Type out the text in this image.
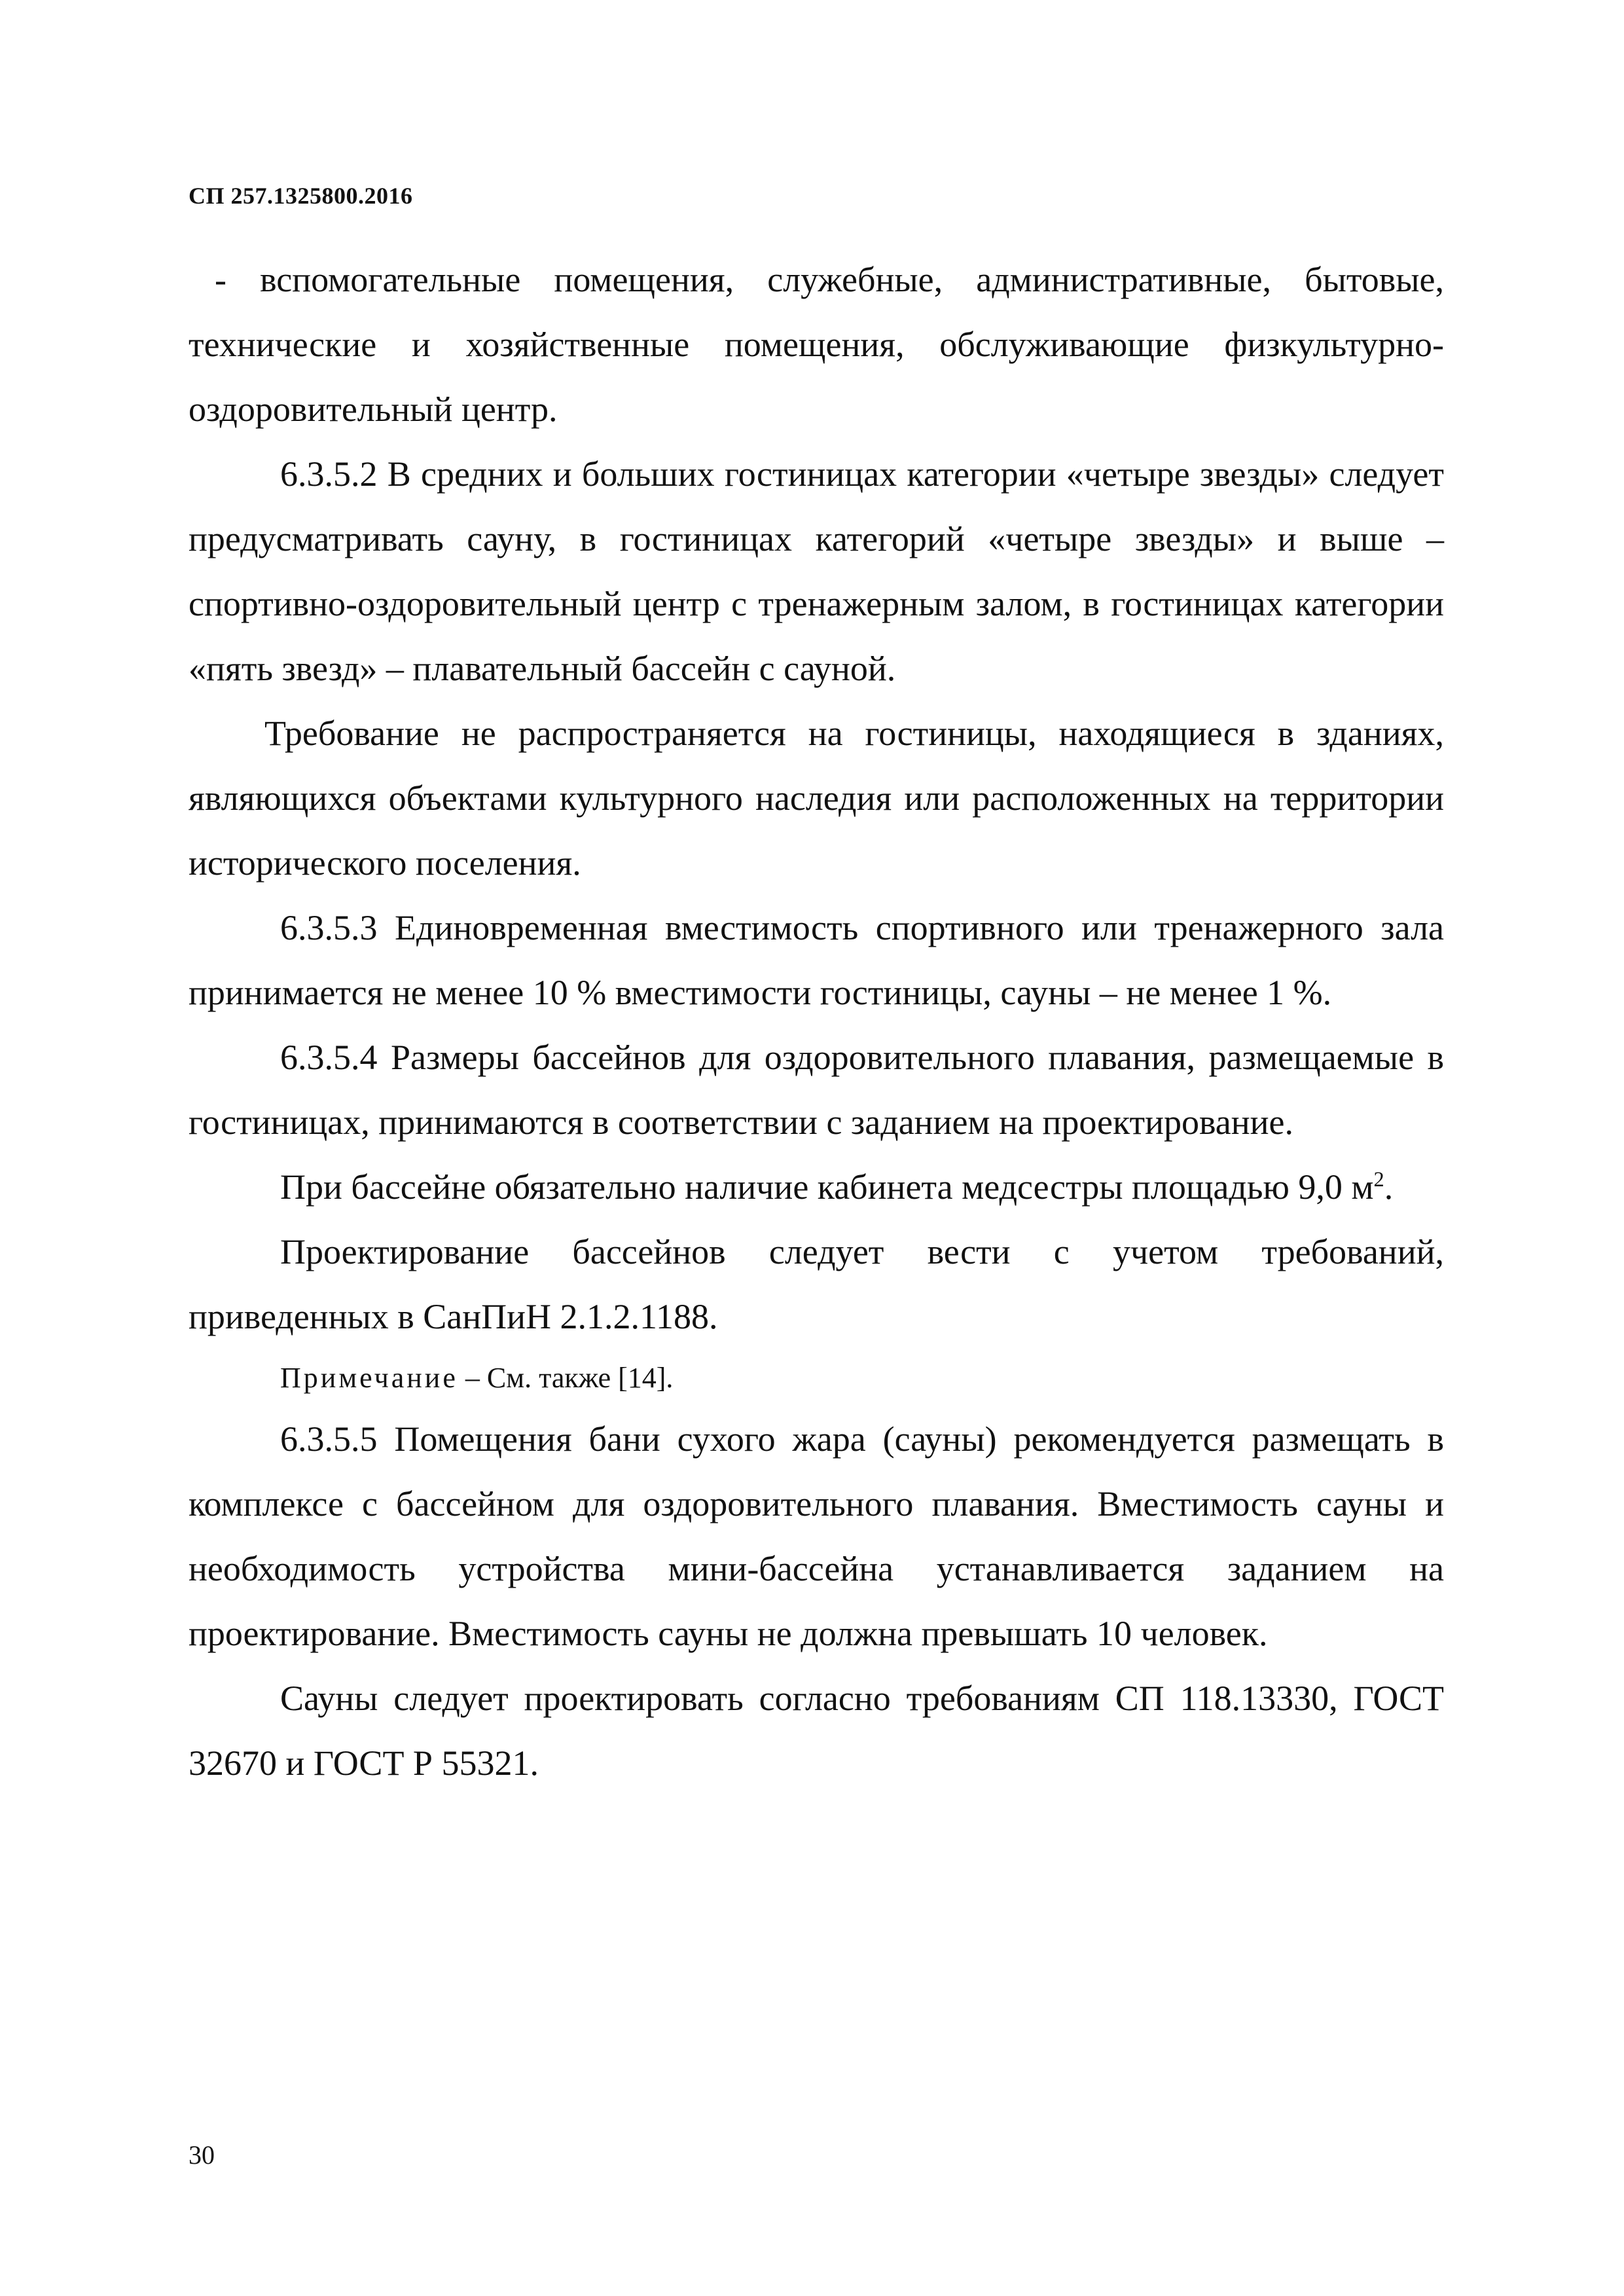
СП 257.1325800.2016

- вспомогательные помещения, служебные, административные, бытовые, технические и хозяйственные помещения, обслуживающие физкультурно-оздоровительный центр.

6.3.5.2 В средних и больших гостиницах категории «четыре звезды» следует предусматривать сауну, в гостиницах категорий «четыре звезды» и выше – спортивно-оздоровительный центр с тренажерным залом, в гостиницах категории «пять звезд» – плавательный бассейн с сауной.

Требование не распространяется на гостиницы, находящиеся в зданиях, являющихся объектами культурного наследия или расположенных на территории исторического поселения.

6.3.5.3 Единовременная вместимость спортивного или тренажерного зала принимается не менее 10 % вместимости гостиницы, сауны – не менее 1 %.

6.3.5.4 Размеры бассейнов для оздоровительного плавания, размещаемые в гостиницах, принимаются в соответствии с заданием на проектирование.

При бассейне обязательно наличие кабинета медсестры площадью 9,0 $м^2$.

Проектирование бассейнов следует вести с учетом требований, приведенных в СанПиН 2.1.2.1188.

Примечание – См. также [14].

6.3.5.5 Помещения бани сухого жара (сауны) рекомендуется размещать в комплексе с бассейном для оздоровительного плавания. Вместимость сауны и необходимость устройства мини-бассейна устанавливается заданием на проектирование. Вместимость сауны не должна превышать 10 человек.

Сауны следует проектировать согласно требованиям СП 118.13330, ГОСТ 32670 и ГОСТ Р 55321.

30
